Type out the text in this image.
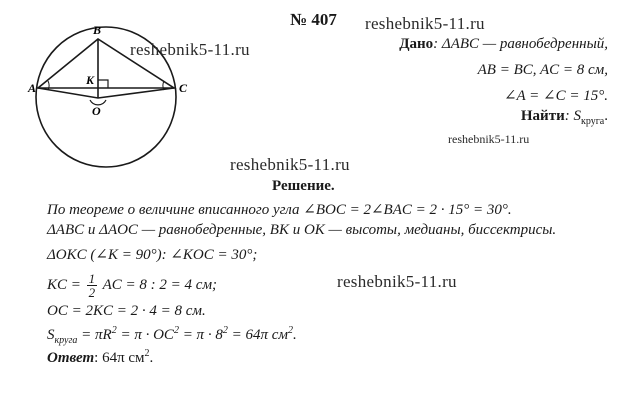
B
A	C
K
O
№ 407 reshebnik5-11.ru
reshebnik5-11.ru
reshebnik5-11.ru
reshebnik5-11.ru
reshebnik5-11.ru
Дано: ΔABC — равнобедренный,
AB = BC, AC = 8 см,
∠A = ∠C = 15°.
Найти: $S_{круга}$.
Решение.
По теореме о величине вписанного угла ∠BOC = 2∠BAC = 2 · 15° = 30°.
ΔABC и ΔAOC — равнобедренные, BK и OK — высоты, медианы, биссектрисы.
ΔOKC (∠K = 90°): ∠KOC = 30°;
KC = $\frac{1}{2}$ AC = 8 : 2 = 4 см;
OC = 2KC = 2 · 4 = 8 см.
$S_{круга} = \pi R^2 = \pi \cdot OC^2 = \pi \cdot 8^2 = 64\pi$ $см^2$.
Ответ: 64π $см^2$.
